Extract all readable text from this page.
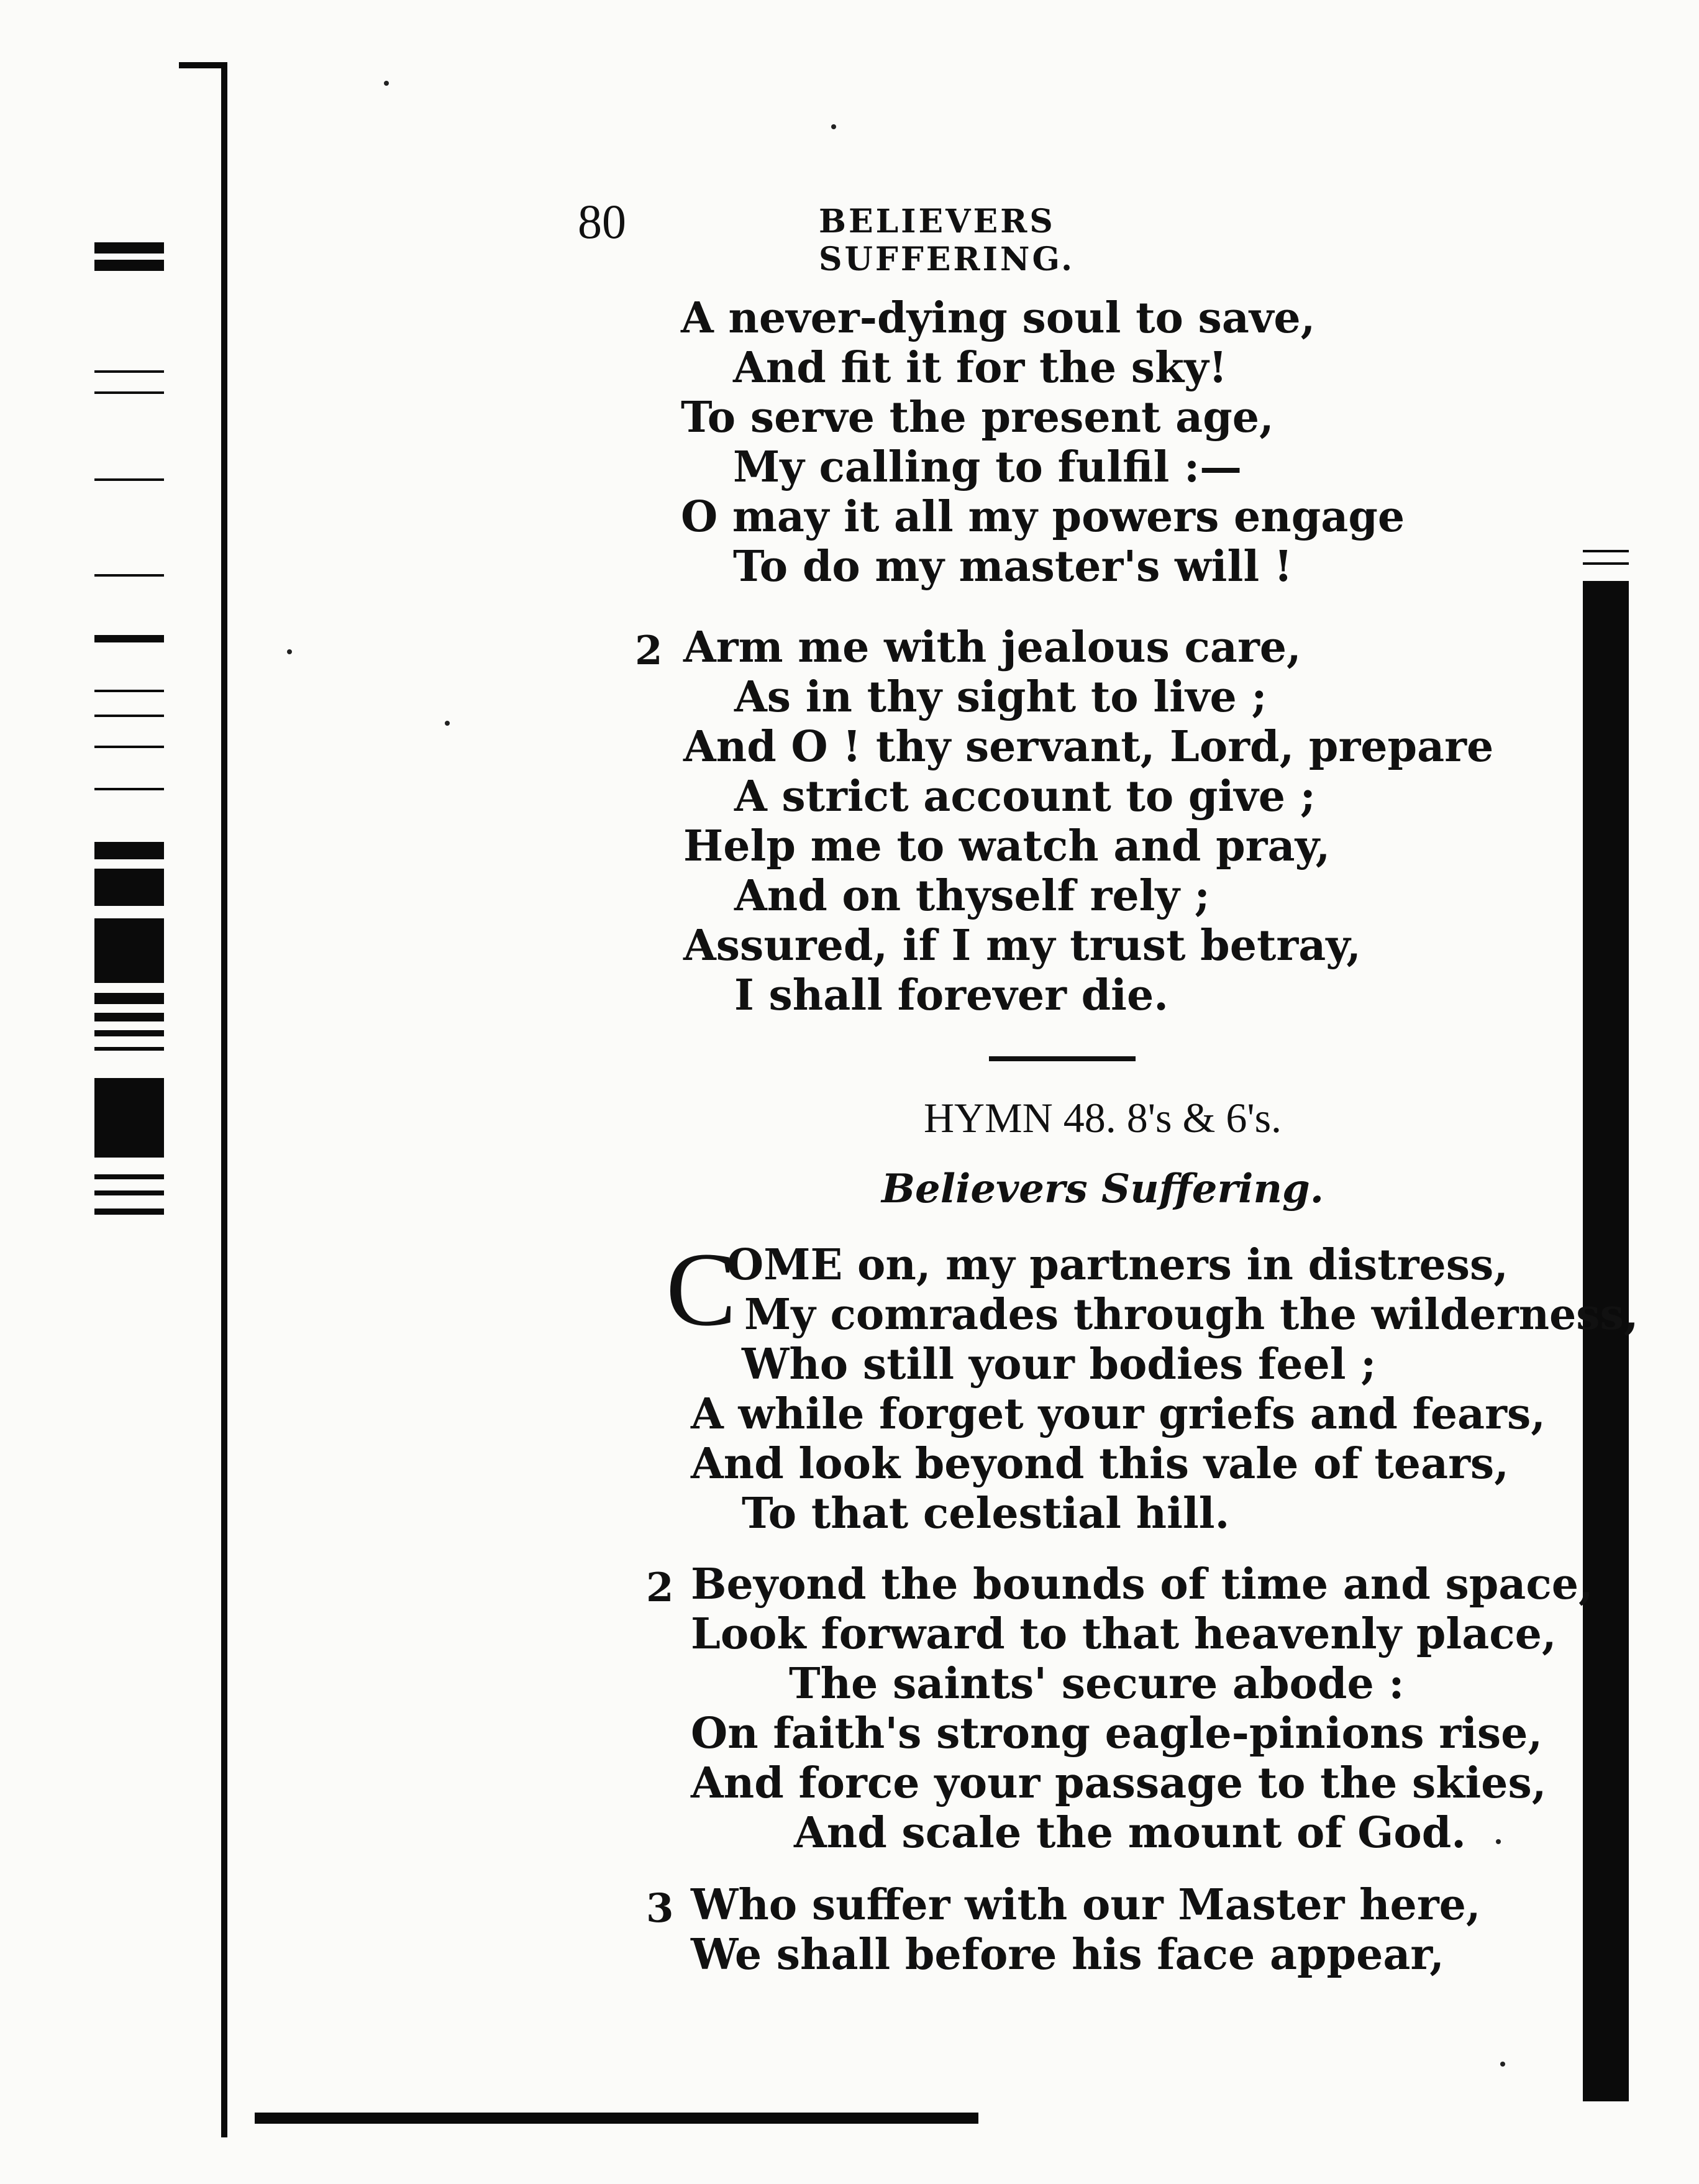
80	BELIEVERS SUFFERING.
A never-dying soul to save,
And fit it for the sky!
To serve the present age,
My calling to fulfil :—
O may it all my powers engage
To do my master's will !
2 Arm me with jealous care,
As in thy sight to live ;
And O ! thy servant, Lord, prepare
A strict account to give ;
Help me to watch and pray,
And on thyself rely ;
Assured, if I my trust betray,
I shall forever die.
HYMN 48. 8's & 6's.
Believers Suffering.
C
OME on, my partners in distress,
My comrades through the wilderness,
Who still your bodies feel ;
A while forget your griefs and fears,
And look beyond this vale of tears,
To that celestial hill.
2 Beyond the bounds of time and space,
Look forward to that heavenly place,
The saints' secure abode :
On faith's strong eagle-pinions rise,
And force your passage to the skies,
And scale the mount of God.
3 Who suffer with our Master here,
We shall before his face appear,
